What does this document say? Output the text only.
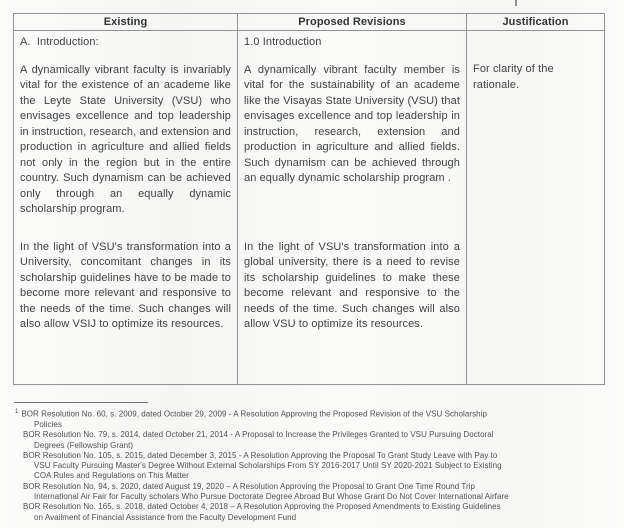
Existing	Proposed Revisions	Justification
A.  Introduction:
A dynamically vibrant faculty is invariably vital for the existence of an academe like the Leyte State University (VSU) who envisages excellence and top leadership in instruction, research, and extension and production in agriculture and allied fields not only in the region but in the entire country. Such dynamism can be achieved only through an equally dynamic scholarship program.
In the light of VSU's transformation into a University, concomitant changes in its scholarship guidelines have to be made to become more relevant and responsive to the needs of the time. Such changes will also allow VSIJ to optimize its resources.
1.0 Introduction
A dynamically vibrant faculty member is vital for the sustainability of an academe like the Visayas State University (VSU) that envisages excellence and top leadership in instruction, research, extension and production in agriculture and allied fields. Such dynamism can be achieved through an equally dynamic scholarship program .
In the light of VSU's transformation into a global university, there is a need to revise its scholarship guidelines to make these become relevant and responsive to the needs of the time. Such changes will also allow VSU to optimize its resources.
For clarity of the rationale.
$^1$ BOR Resolution No. 60, s. 2009, dated October 29, 2009 - A Resolution Approving the Proposed Revision of the VSU Scholarship
Policies
BOR Resolution No. 79, s. 2014, dated October 21, 2014 - A Proposal to Increase the Privileges Granted to VSU Pursuing Doctoral
Degrees (Fellowship Grant)
BOR Resolution No. 105, s. 2015, dated December 3, 2015 - A Resolution Approving the Proposal To Grant Study Leave with Pay to
VSU Faculty Pursuing Master's Degree Without External Scholarships From SY 2016-2017 Until SY 2020-2021 Subject to Existing
COA Rules and Regulations on This Matter
BOR Resolution No. 94, s. 2020, dated August 19, 2020 – A Resolution Approving the Proposal to Grant One Time Round Trip
International Air Fair for Faculty scholars Who Pursue Doctorate Degree Abroad But Whose Grant Do Not Cover International Airfare
BOR Resolution No. 165, s. 2018, dated October 4, 2018 – A Resolution Approving the Proposed Amendments to Existing Guidelines
on Availment of Financial Assistance from the Faculty Development Fund
